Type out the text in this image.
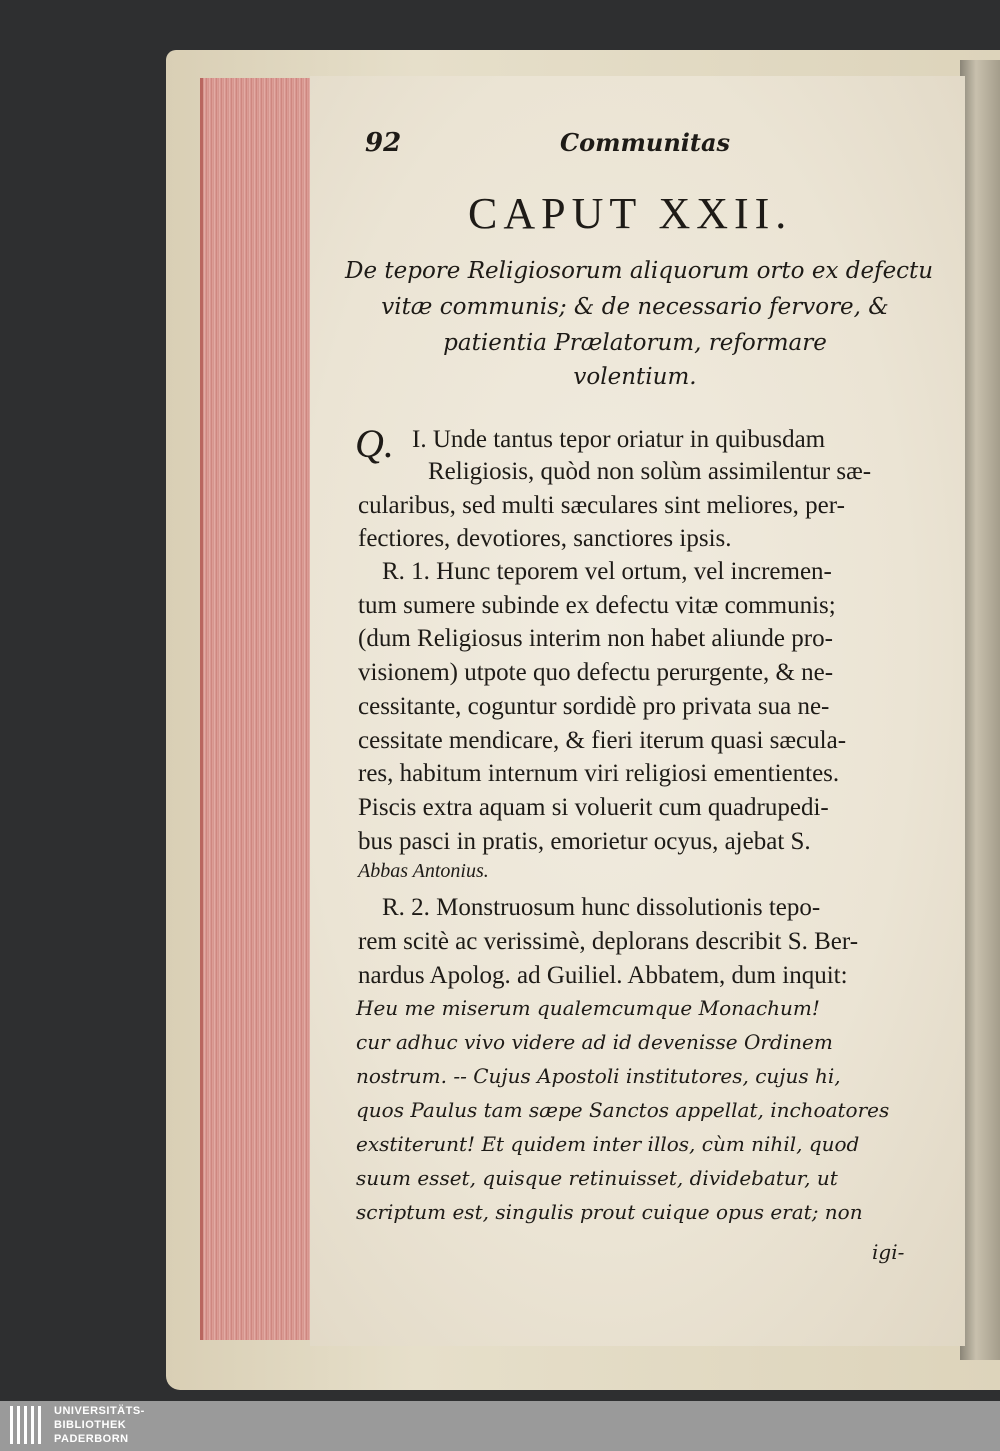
92	Communitas
CAPUT XXII.
De tepore Religiosorum aliquorum orto ex defectu
vitæ communis; & de necessario fervore, &
patientia Prælatorum, reformare
volentium.
Q. I. Unde tantus tepor oriatur in quibusdam
Religiosis, quòd non solùm assimilentur sæ-
cularibus, sed multi sæculares sint meliores, per-
fectiores, devotiores, sanctiores ipsis.
R. 1. Hunc teporem vel ortum, vel incremen-
tum sumere subinde ex defectu vitæ communis;
(dum Religiosus interim non habet aliunde pro-
visionem) utpote quo defectu perurgente, & ne-
cessitante, coguntur sordidè pro privata sua ne-
cessitate mendicare, & fieri iterum quasi sæcula-
res, habitum internum viri religiosi ementientes.
Piscis extra aquam si voluerit cum quadrupedi-
bus pasci in pratis, emorietur ocyus, ajebat S.
Abbas Antonius.
R. 2. Monstruosum hunc dissolutionis tepo-
rem scitè ac verissimè, deplorans describit S. Ber-
nardus Apolog. ad Guiliel. Abbatem, dum inquit:
Heu me miserum qualemcumque Monachum!
cur adhuc vivo videre ad id devenisse Ordinem
nostrum. -- Cujus Apostoli institutores, cujus hi,
quos Paulus tam sæpe Sanctos appellat, inchoatores
exstiterunt! Et quidem inter illos, cùm nihil, quod
suum esset, quisque retinuisset, dividebatur, ut
scriptum est, singulis prout cuique opus erat; non
igi-
UNIVERSITÄTS-
BIBLIOTHEK
PADERBORN
